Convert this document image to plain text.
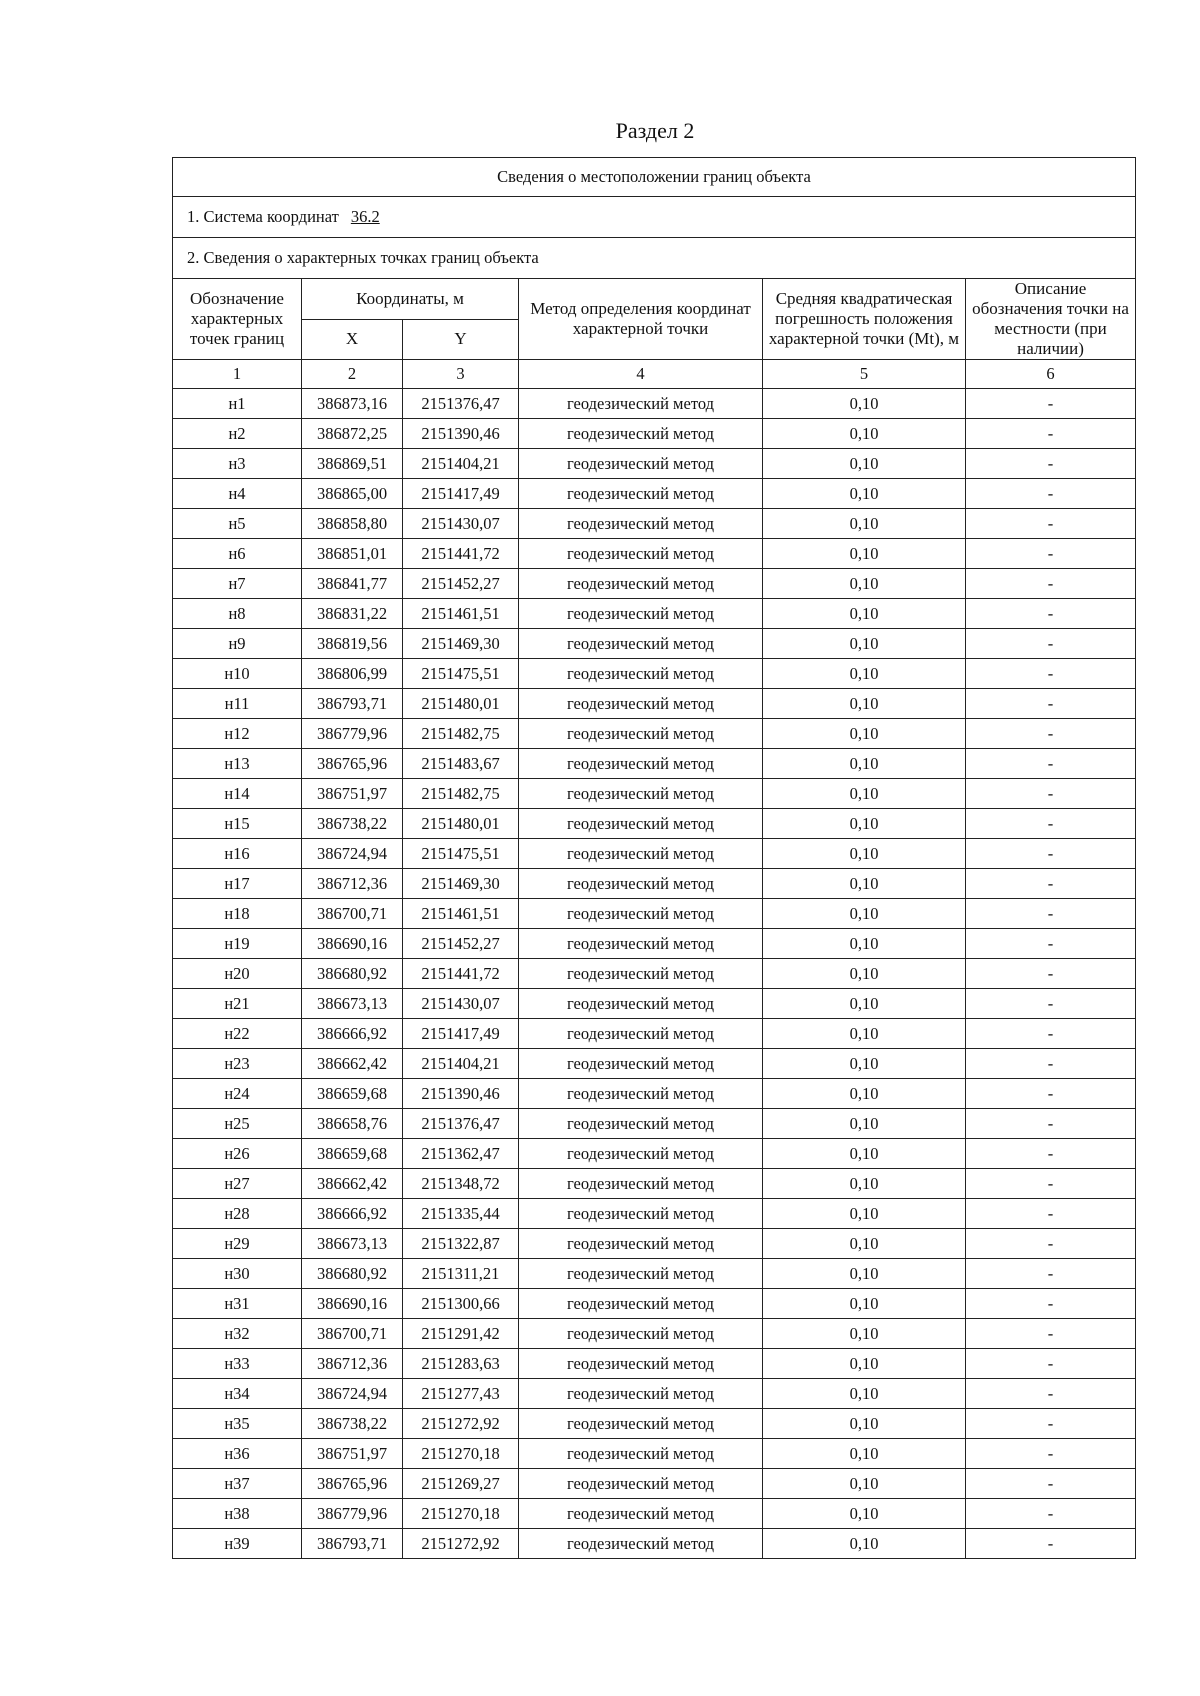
Раздел 2
Сведения о местоположении границ объекта					
1. Система координат 36.2					
2. Сведения о характерных точках границ объекта					
Обозначение характерных точек границ	Координаты, м		Метод определения координат характерной точки	Средняя квадратическая погрешность положения характерной точки (Mt), м	Описание обозначения точки на местности (при наличии)
	X	Y			
1	2	3	4	5	6
н1	386873,16	2151376,47	геодезический метод	0,10	-
н2	386872,25	2151390,46	геодезический метод	0,10	-
н3	386869,51	2151404,21	геодезический метод	0,10	-
н4	386865,00	2151417,49	геодезический метод	0,10	-
н5	386858,80	2151430,07	геодезический метод	0,10	-
н6	386851,01	2151441,72	геодезический метод	0,10	-
н7	386841,77	2151452,27	геодезический метод	0,10	-
н8	386831,22	2151461,51	геодезический метод	0,10	-
н9	386819,56	2151469,30	геодезический метод	0,10	-
н10	386806,99	2151475,51	геодезический метод	0,10	-
н11	386793,71	2151480,01	геодезический метод	0,10	-
н12	386779,96	2151482,75	геодезический метод	0,10	-
н13	386765,96	2151483,67	геодезический метод	0,10	-
н14	386751,97	2151482,75	геодезический метод	0,10	-
н15	386738,22	2151480,01	геодезический метод	0,10	-
н16	386724,94	2151475,51	геодезический метод	0,10	-
н17	386712,36	2151469,30	геодезический метод	0,10	-
н18	386700,71	2151461,51	геодезический метод	0,10	-
н19	386690,16	2151452,27	геодезический метод	0,10	-
н20	386680,92	2151441,72	геодезический метод	0,10	-
н21	386673,13	2151430,07	геодезический метод	0,10	-
н22	386666,92	2151417,49	геодезический метод	0,10	-
н23	386662,42	2151404,21	геодезический метод	0,10	-
н24	386659,68	2151390,46	геодезический метод	0,10	-
н25	386658,76	2151376,47	геодезический метод	0,10	-
н26	386659,68	2151362,47	геодезический метод	0,10	-
н27	386662,42	2151348,72	геодезический метод	0,10	-
н28	386666,92	2151335,44	геодезический метод	0,10	-
н29	386673,13	2151322,87	геодезический метод	0,10	-
н30	386680,92	2151311,21	геодезический метод	0,10	-
н31	386690,16	2151300,66	геодезический метод	0,10	-
н32	386700,71	2151291,42	геодезический метод	0,10	-
н33	386712,36	2151283,63	геодезический метод	0,10	-
н34	386724,94	2151277,43	геодезический метод	0,10	-
н35	386738,22	2151272,92	геодезический метод	0,10	-
н36	386751,97	2151270,18	геодезический метод	0,10	-
н37	386765,96	2151269,27	геодезический метод	0,10	-
н38	386779,96	2151270,18	геодезический метод	0,10	-
н39	386793,71	2151272,92	геодезический метод	0,10	-
